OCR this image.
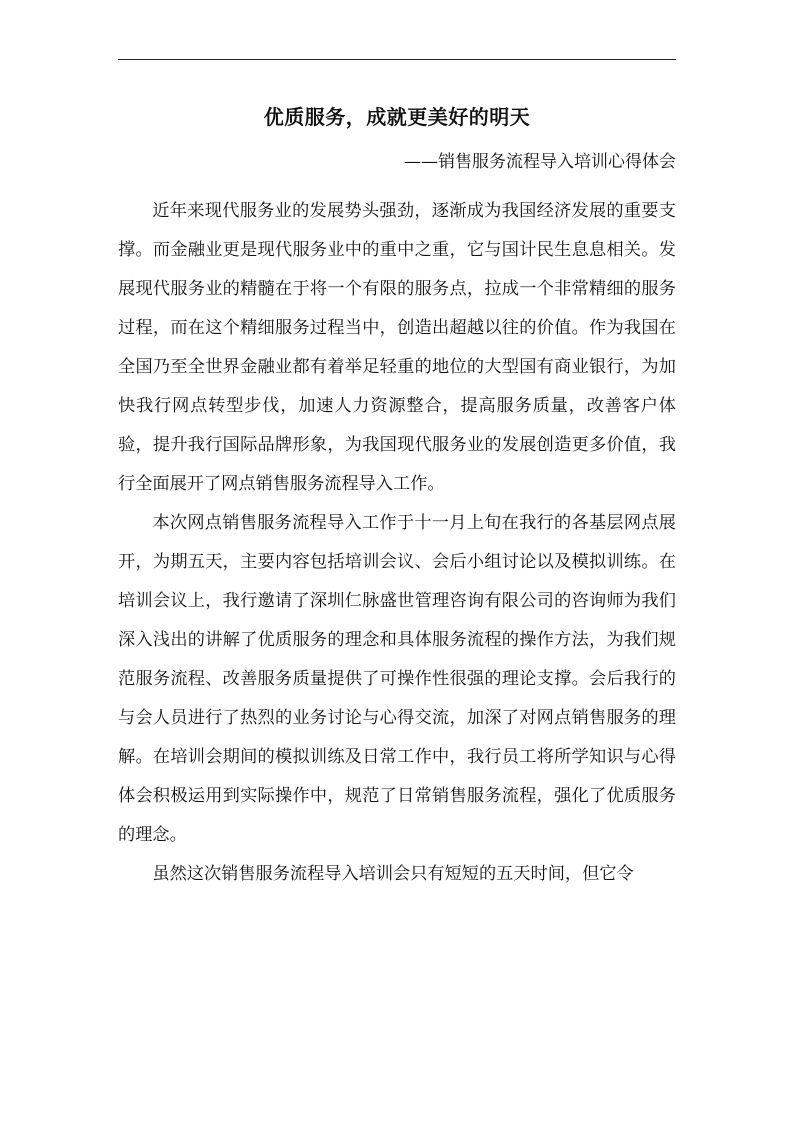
优质服务，成就更美好的明天

——销售服务流程导入培训心得体会

近年来现代服务业的发展势头强劲，逐渐成为我国经济发展的重要支撑。而金融业更是现代服务业中的重中之重，它与国计民生息息相关。发展现代服务业的精髓在于将一个有限的服务点，拉成一个非常精细的服务过程，而在这个精细服务过程当中，创造出超越以往的价值。作为我国在全国乃至全世界金融业都有着举足轻重的地位的大型国有商业银行，为加快我行网点转型步伐，加速人力资源整合，提高服务质量，改善客户体验，提升我行国际品牌形象，为我国现代服务业的发展创造更多价值，我行全面展开了网点销售服务流程导入工作。

本次网点销售服务流程导入工作于十一月上旬在我行的各基层网点展开，为期五天，主要内容包括培训会议、会后小组讨论以及模拟训练。在培训会议上，我行邀请了深圳仁脉盛世管理咨询有限公司的咨询师为我们深入浅出的讲解了优质服务的理念和具体服务流程的操作方法，为我们规范服务流程、改善服务质量提供了可操作性很强的理论支撑。会后我行的与会人员进行了热烈的业务讨论与心得交流，加深了对网点销售服务的理解。在培训会期间的模拟训练及日常工作中，我行员工将所学知识与心得体会积极运用到实际操作中，规范了日常销售服务流程，强化了优质服务的理念。

虽然这次销售服务流程导入培训会只有短短的五天时间，但它令
